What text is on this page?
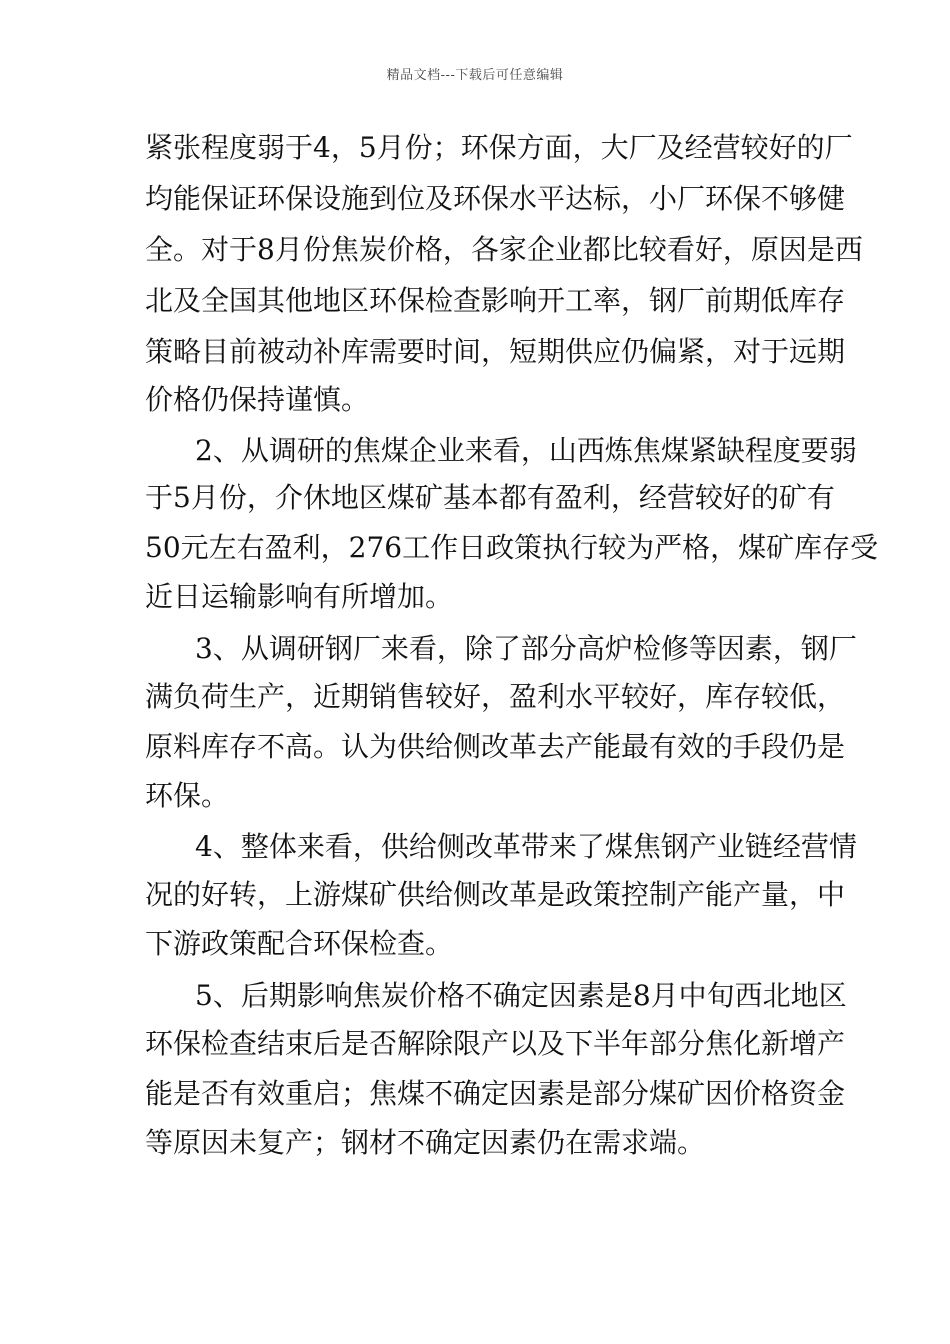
精品文档---下载后可任意编辑
紧张程度弱于4，5月份；环保方面，大厂及经营较好的厂
均能保证环保设施到位及环保水平达标，小厂环保不够健
全。对于8月份焦炭价格，各家企业都比较看好，原因是西
北及全国其他地区环保检查影响开工率，钢厂前期低库存
策略目前被动补库需要时间，短期供应仍偏紧，对于远期
价格仍保持谨慎。
2、从调研的焦煤企业来看，山西炼焦煤紧缺程度要弱
于5月份，介休地区煤矿基本都有盈利，经营较好的矿有
50元左右盈利，276工作日政策执行较为严格，煤矿库存受
近日运输影响有所增加。
3、从调研钢厂来看，除了部分高炉检修等因素，钢厂
满负荷生产，近期销售较好，盈利水平较好，库存较低，
原料库存不高。认为供给侧改革去产能最有效的手段仍是
环保。
4、整体来看，供给侧改革带来了煤焦钢产业链经营情
况的好转，上游煤矿供给侧改革是政策控制产能产量，中
下游政策配合环保检查。
5、后期影响焦炭价格不确定因素是8月中旬西北地区
环保检查结束后是否解除限产以及下半年部分焦化新增产
能是否有效重启；焦煤不确定因素是部分煤矿因价格资金
等原因未复产；钢材不确定因素仍在需求端。
